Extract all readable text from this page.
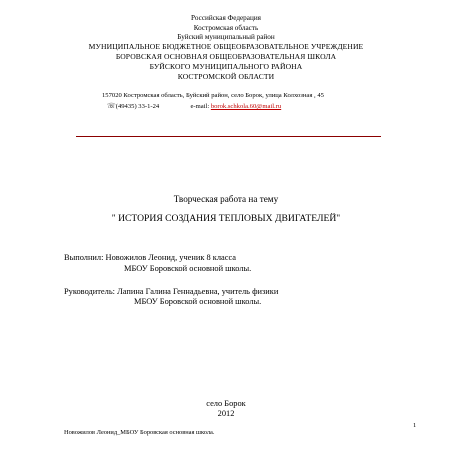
Российская Федерация
Костромская область
Буйский муниципальный район
МУНИЦИПАЛЬНОЕ БЮДЖЕТНОЕ ОБЩЕОБРАЗОВАТЕЛЬНОЕ УЧРЕЖДЕНИЕ
БОРОВСКАЯ ОСНОВНАЯ ОБЩЕОБРАЗОВАТЕЛЬНАЯ ШКОЛА
БУЙСКОГО МУНИЦИПАЛЬНОГО РАЙОНА
КОСТРОМСКОЙ ОБЛАСТИ
157020 Костромская область, Буйский район, село Борок, улица Колхозная , 45
☏(49435) 33-1-24	e-mail: borok.schkola.60@mail.ru
Творческая работа на тему
" ИСТОРИЯ СОЗДАНИЯ ТЕПЛОВЫХ ДВИГАТЕЛЕЙ"
Выполнил: Новожилов Леонид, ученик 8 класса
МБОУ Боровской основной школы.
Руководитель: Лапина Галина Геннадьевна, учитель физики
МБОУ Боровской основной школы.
село Борок
2012
1
Новожилов Леонид_МБОУ Боровская основная школа.
